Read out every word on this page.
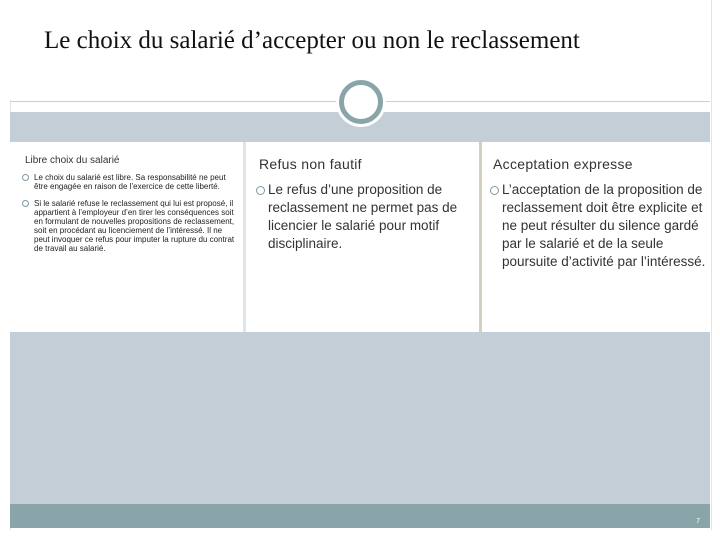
Le choix du salarié d’accepter ou non le reclassement
Libre choix du salarié
Le choix du salarié est libre. Sa responsabilité ne peut être engagée en raison de l’exercice de cette liberté.
Si le salarié refuse le reclassement qui lui est proposé, il appartient à l’employeur d’en tirer les conséquences soit en formulant de nouvelles propositions de reclassement, soit en procédant au licenciement de l’intéressé. Il ne peut invoquer ce refus pour imputer la rupture du contrat de travail au salarié.
Refus non fautif
Le refus d’une proposition de reclassement ne permet pas de licencier le salarié pour motif disciplinaire.
Acceptation expresse
L’acceptation de la proposition de reclassement doit être explicite et ne peut résulter du silence gardé par le salarié et de la seule poursuite d’activité par l’intéressé.
7
